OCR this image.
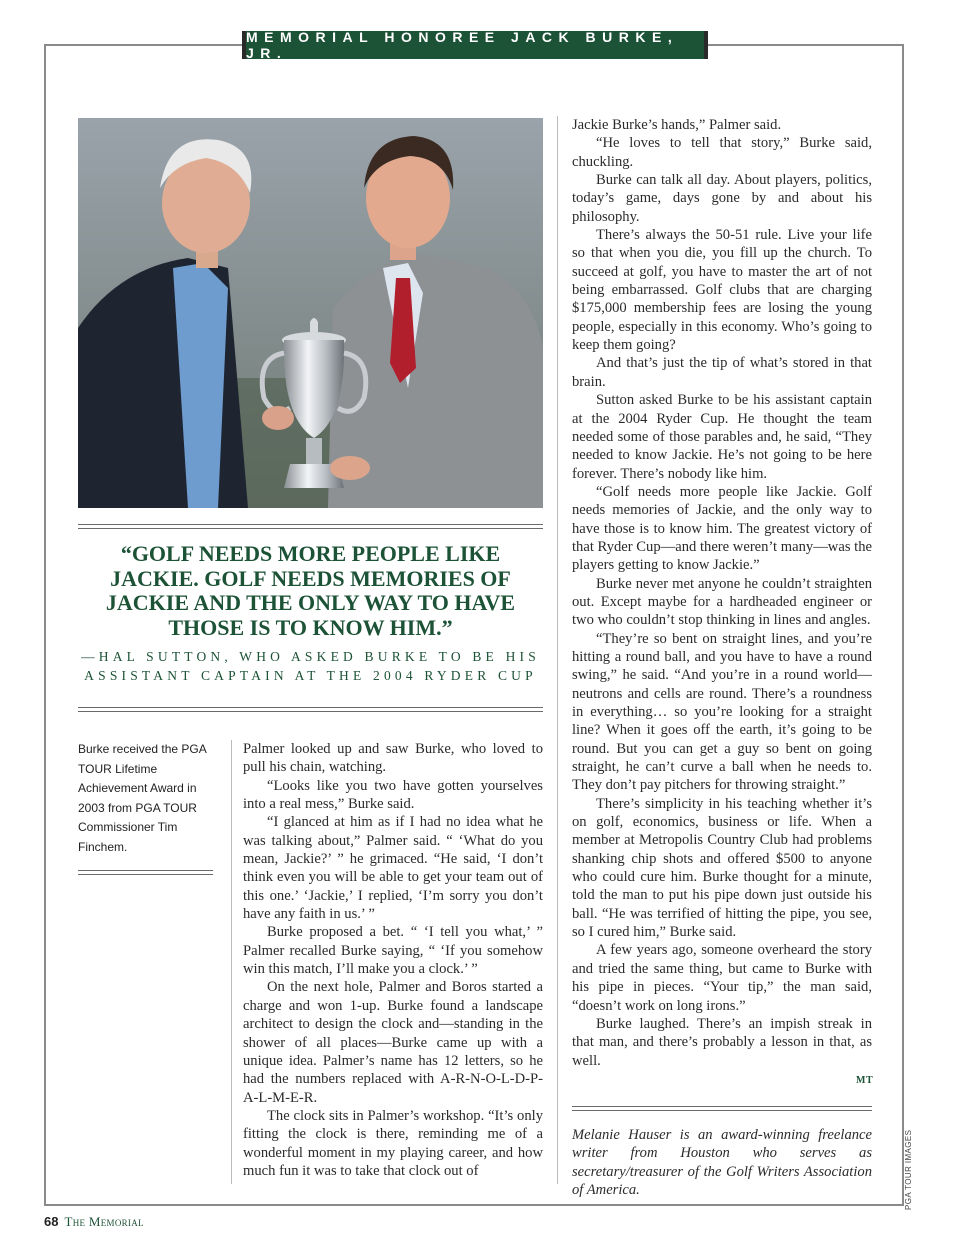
MEMORIAL HONOREE JACK BURKE, JR.
“GOLF NEEDS MORE PEOPLE LIKE JACKIE. GOLF NEEDS MEMORIES OF JACKIE AND THE ONLY WAY TO HAVE THOSE IS TO KNOW HIM.”
—HAL SUTTON, WHO ASKED BURKE TO BE HIS ASSISTANT CAPTAIN AT THE 2004 RYDER CUP
Burke received the PGA TOUR Lifetime Achievement Award in 2003 from PGA TOUR Commissioner Tim Finchem.

Palmer looked up and saw Burke, who loved to pull his chain, watching.

“Looks like you two have gotten yourselves into a real mess,” Burke said.

“I glanced at him as if I had no idea what he was talking about,” Palmer said. “ ‘What do you mean, Jackie?’ ” he grimaced. “He said, ‘I don’t think even you will be able to get your team out of this one.’ ‘Jackie,’ I replied, ‘I’m sorry you don’t have any faith in us.’ ”

Burke proposed a bet. “ ‘I tell you what,’ ” Palmer recalled Burke saying, “ ‘If you somehow win this match, I’ll make you a clock.’ ”

On the next hole, Palmer and Boros started a charge and won 1-up. Burke found a landscape architect to design the clock and—standing in the shower of all places—Burke came up with a unique idea. Palmer’s name has 12 letters, so he had the numbers replaced with A-R-N-O-L-D-P-A-L-M-E-R.

The clock sits in Palmer’s workshop. “It’s only fitting the clock is there, reminding me of a wonderful moment in my playing career, and how much fun it was to take that clock out of

Jackie Burke’s hands,” Palmer said.

“He loves to tell that story,” Burke said, chuckling.

Burke can talk all day. About players, politics, today’s game, days gone by and about his philosophy.

There’s always the 50-51 rule. Live your life so that when you die, you fill up the church. To succeed at golf, you have to master the art of not being embarrassed. Golf clubs that are charging $175,000 membership fees are losing the young people, especially in this economy. Who’s going to keep them going?

And that’s just the tip of what’s stored in that brain.

Sutton asked Burke to be his assistant captain at the 2004 Ryder Cup. He thought the team needed some of those parables and, he said, “They needed to know Jackie. He’s not going to be here forever. There’s nobody like him.

“Golf needs more people like Jackie. Golf needs memories of Jackie, and the only way to have those is to know him. The greatest victory of that Ryder Cup—and there weren’t many—was the players getting to know Jackie.”

Burke never met anyone he couldn’t straighten out. Except maybe for a hardheaded engineer or two who couldn’t stop thinking in lines and angles.

“They’re so bent on straight lines, and you’re hitting a round ball, and you have to have a round swing,” he said. “And you’re in a round world—neutrons and cells are round. There’s a roundness in everything… so you’re looking for a straight line? When it goes off the earth, it’s going to be round. But you can get a guy so bent on going straight, he can’t curve a ball when he needs to. They don’t pay pitchers for throwing straight.”

There’s simplicity in his teaching whether it’s on golf, economics, business or life. When a member at Metropolis Country Club had problems shanking chip shots and offered $500 to anyone who could cure him. Burke thought for a minute, told the man to put his pipe down just outside his ball. “He was terrified of hitting the pipe, you see, so I cured him,” Burke said.

A few years ago, someone overheard the story and tried the same thing, but came to Burke with his pipe in pieces. “Your tip,” the man said, “doesn’t work on long irons.”

Burke laughed. There’s an impish streak in that man, and there’s probably a lesson in that, as well.

MT
Melanie Hauser is an award-winning freelance writer from Houston who serves as secretary/treasurer of the Golf Writers Association of America.	PGA TOUR IMAGES
68 The Memorial
